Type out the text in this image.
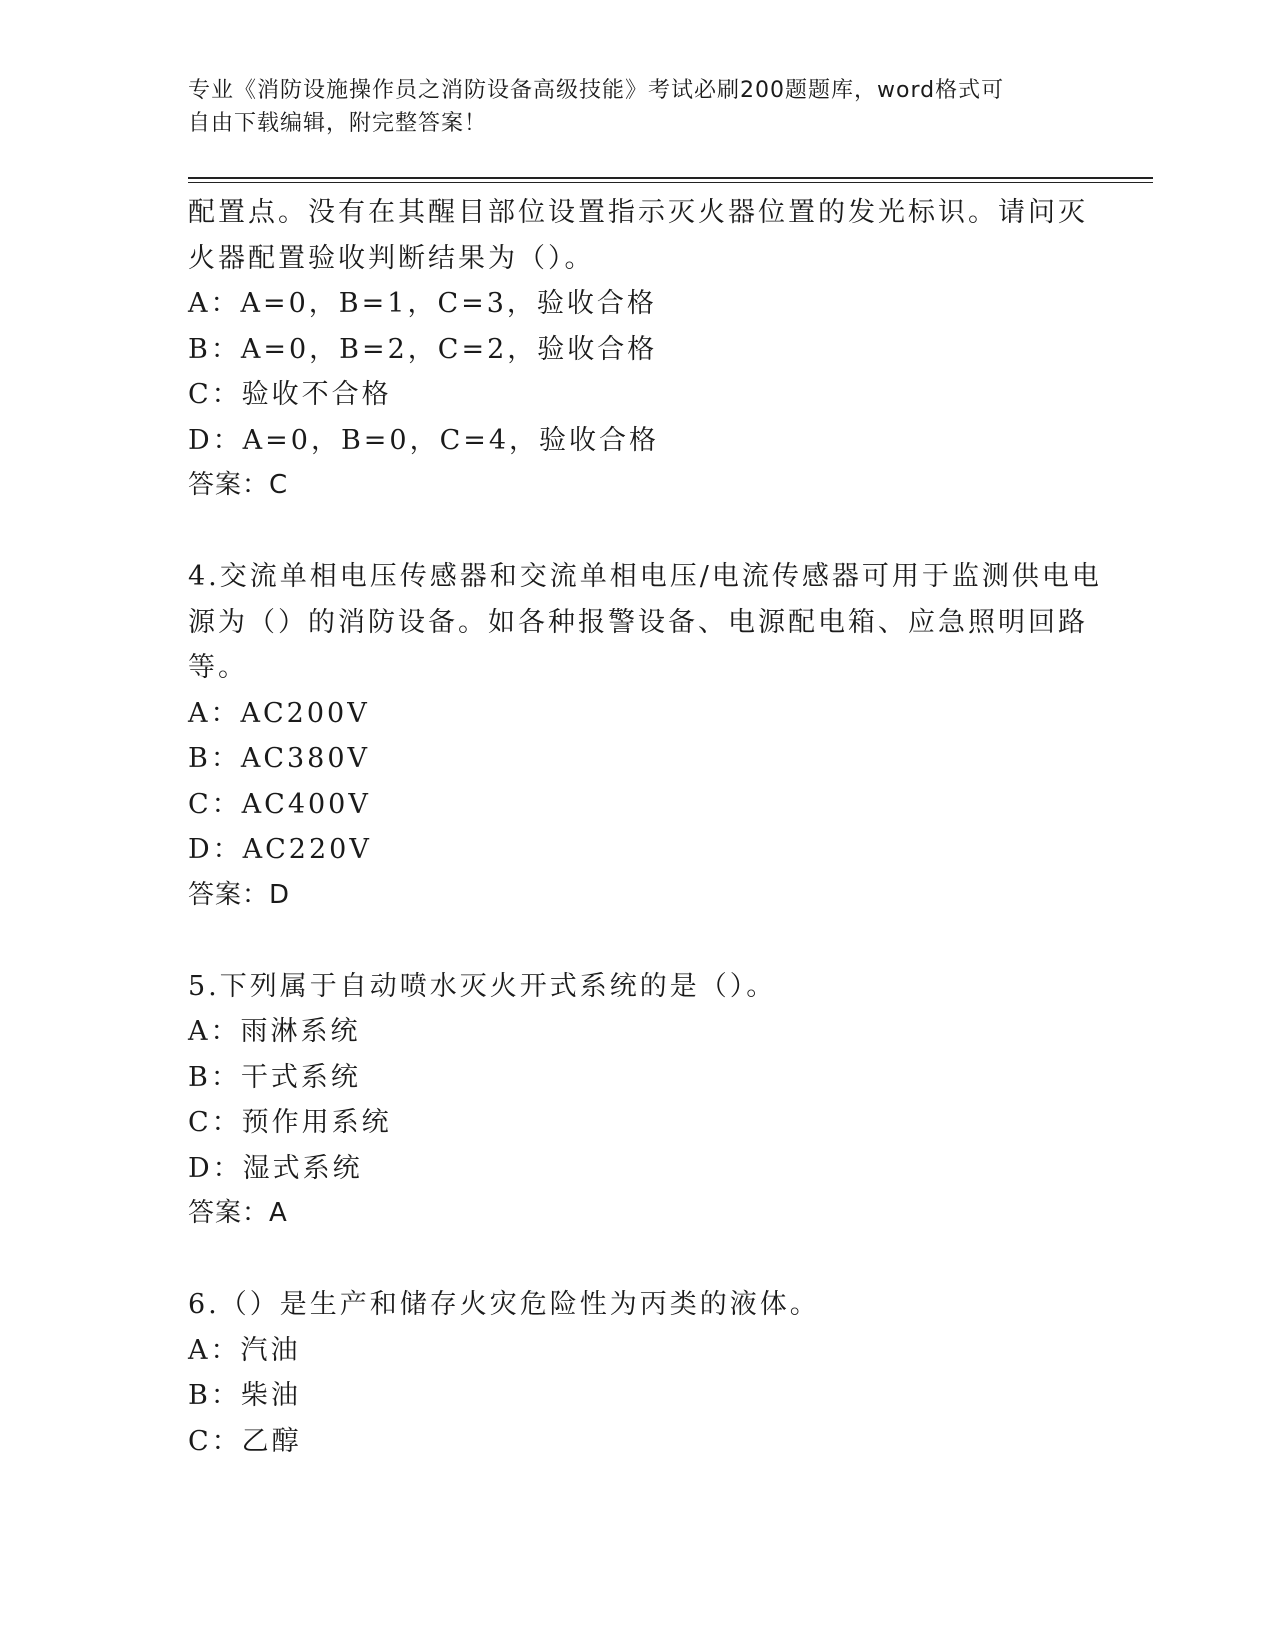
专业《消防设施操作员之消防设备高级技能》考试必刷200题题库，word格式可
自由下载编辑，附完整答案！
配置点。没有在其醒目部位设置指示灭火器位置的发光标识。请问灭
火器配置验收判断结果为（）。
A：A=0，B=1，C=3，验收合格
B：A=0，B=2，C=2，验收合格
C：验收不合格
D：A=0，B=0，C=4，验收合格
答案：C
4.交流单相电压传感器和交流单相电压/电流传感器可用于监测供电电
源为（）的消防设备。如各种报警设备、电源配电箱、应急照明回路
等。
A：AC200V
B：AC380V
C：AC400V
D：AC220V
答案：D
5.下列属于自动喷水灭火开式系统的是（）。
A：雨淋系统
B：干式系统
C：预作用系统
D：湿式系统
答案：A
6.（）是生产和储存火灾危险性为丙类的液体。
A：汽油
B：柴油
C：乙醇
